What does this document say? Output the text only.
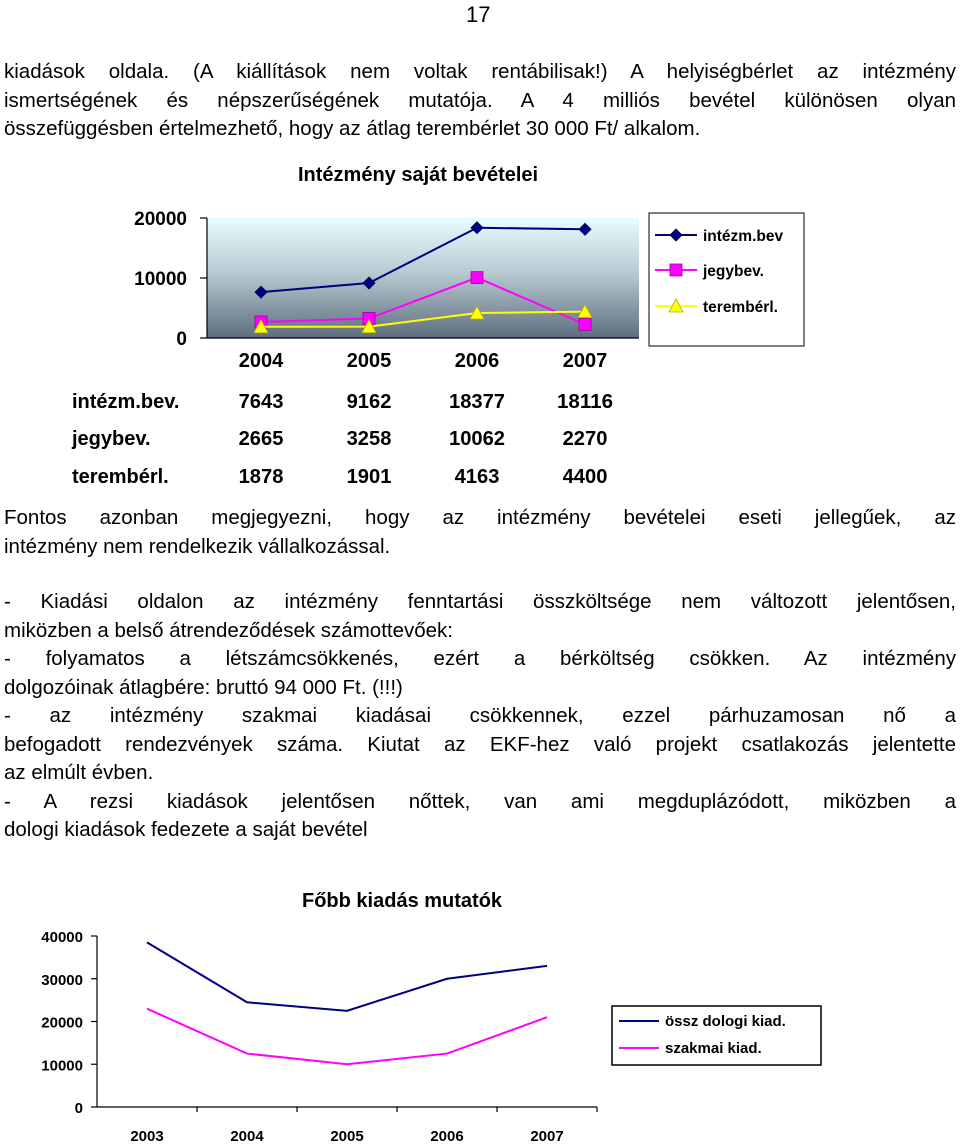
17
kiadások oldala. (A kiállítások nem voltak rentábilisak!) A helyiségbérlet az intézmény
ismertségének és népszerűségének mutatója. A 4 milliós bevétel különösen olyan
összefüggésben értelmezhető, hogy az átlag terembérlet 30 000 Ft/ alkalom.
Intézmény saját bevételei
20000
10000
0
2004	2005	2006	2007
intézm.bev.	7643	9162	18377	18116
jegybev.	2665	3258	10062	2270
terembérl.	1878	1901	4163	4400
intézm.bev
jegybev.
terembérl.
Fontos azonban megjegyezni, hogy az intézmény bevételei eseti jellegűek, az
intézmény nem rendelkezik vállalkozással.
- Kiadási oldalon az intézmény fenntartási összköltsége nem változott jelentősen,
miközben a belső átrendeződések számottevőek:
- folyamatos a létszámcsökkenés, ezért a bérköltség csökken. Az intézmény
dolgozóinak átlagbére: bruttó 94 000 Ft. (!!!)
- az intézmény szakmai kiadásai csökkennek, ezzel párhuzamosan nő a
befogadott rendezvények száma. Kiutat az EKF-hez való projekt csatlakozás jelentette
az elmúlt évben.
- A rezsi kiadások jelentősen nőttek, van ami megduplázódott, miközben a
dologi kiadások fedezete a saját bevétel
Főbb kiadás mutatók
40000
30000
20000
10000
0
2003	2004	2005	2006	2007
össz dologi kiad.
szakmai kiad.
